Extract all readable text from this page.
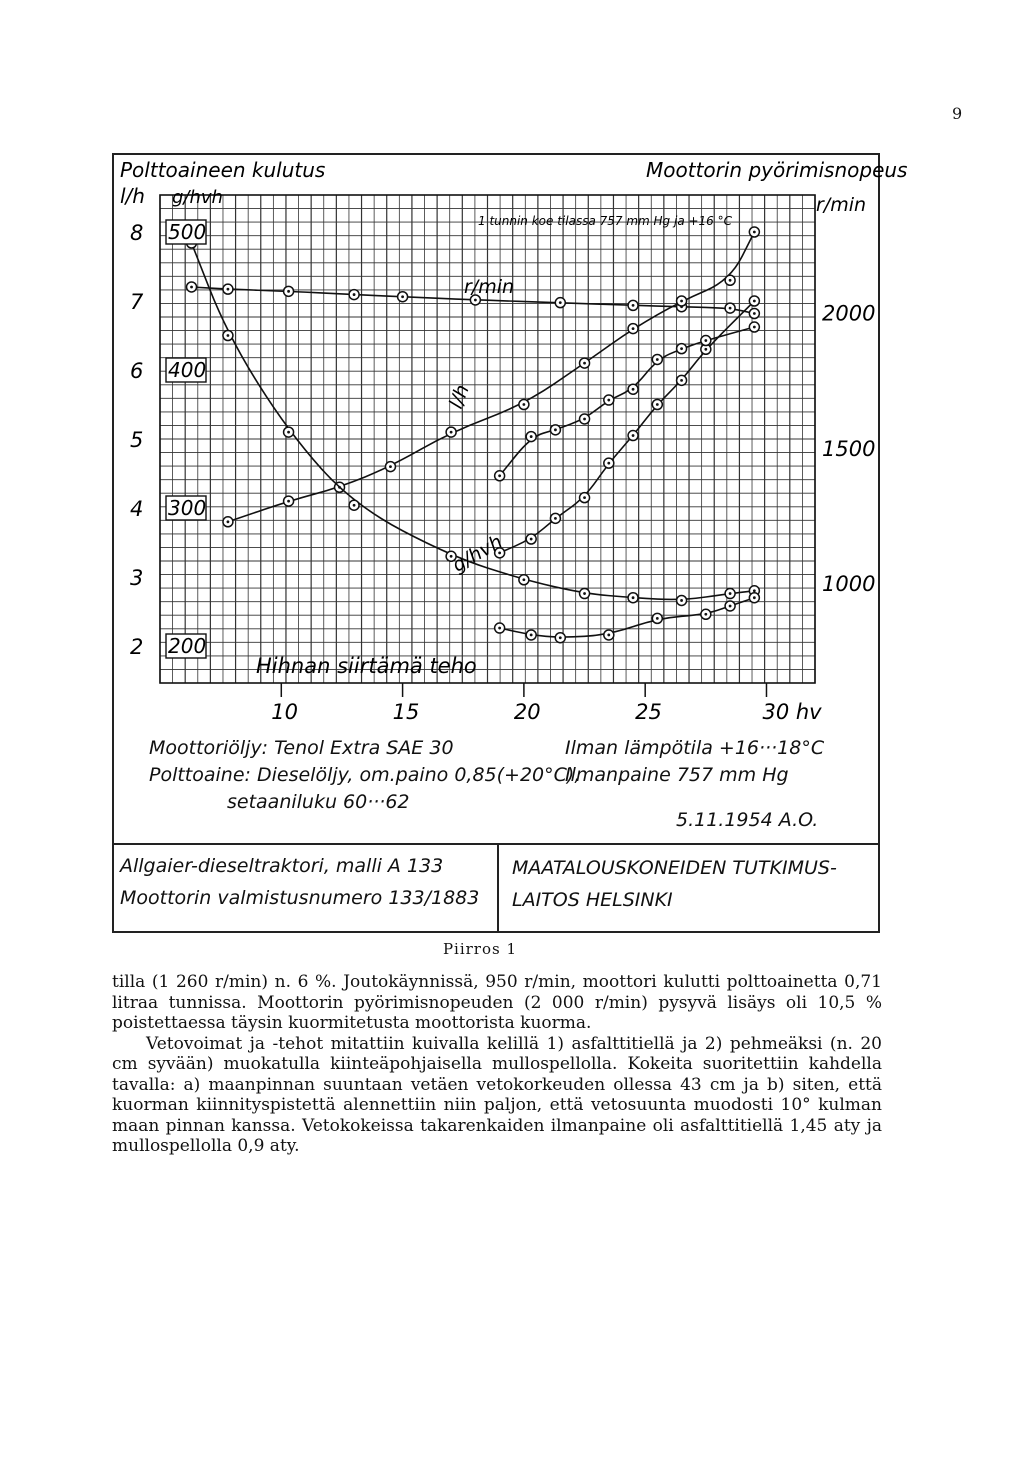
9
10	15	20	25	30 hv
2
3
4
5
6
7
8
200
300
400
500
1000
1500
2000
Polttoaineen kulutus
l/h g/hvh
Moottorin pyörimisnopeus
r/min
1 tunnin koe tilassa 757 mm Hg ja +16 °C
r/min
l/h
g/hvh
Hihnan siirtämä teho
Moottoriöljy: Tenol Extra SAE 30
Polttoaine: Dieselöljy, om.paino 0,85(+20°C),
setaaniluku 60···62
Ilman lämpötila +16···18°C
Ilmanpaine 757 mm Hg
5.11.1954 A.O.
Allgaier-dieseltraktori, malli A 133
Moottorin valmistusnumero 133/1883
MAATALOUSKONEIDEN TUTKIMUS-
LAITOS HELSINKI
Piirros 1

tilla (1 260 r/min) n. 6 %. Joutokäynnissä, 950 r/min, moottori kulutti polttoainetta 0,71 litraa tunnissa. Moottorin pyörimisnopeuden (2 000 r/min) pysyvä lisäys oli 10,5 % poistettaessa täysin kuormitetusta moottorista kuorma.

Vetovoimat ja -tehot mitattiin kuivalla kelillä 1) asfalttitiellä ja 2) pehmeäksi (n. 20 cm syvään) muokatulla kiinteäpohjaisella mullospellolla. Kokeita suoritettiin kahdella tavalla: a) maanpinnan suuntaan vetäen vetokorkeuden ollessa 43 cm ja b) siten, että kuorman kiinnityspistettä alennettiin niin paljon, että vetosuunta muodosti 10° kulman maan pinnan kanssa. Vetokokeissa takarenkaiden ilmanpaine oli asfalttitiellä 1,45 aty ja mullospellolla 0,9 aty.
